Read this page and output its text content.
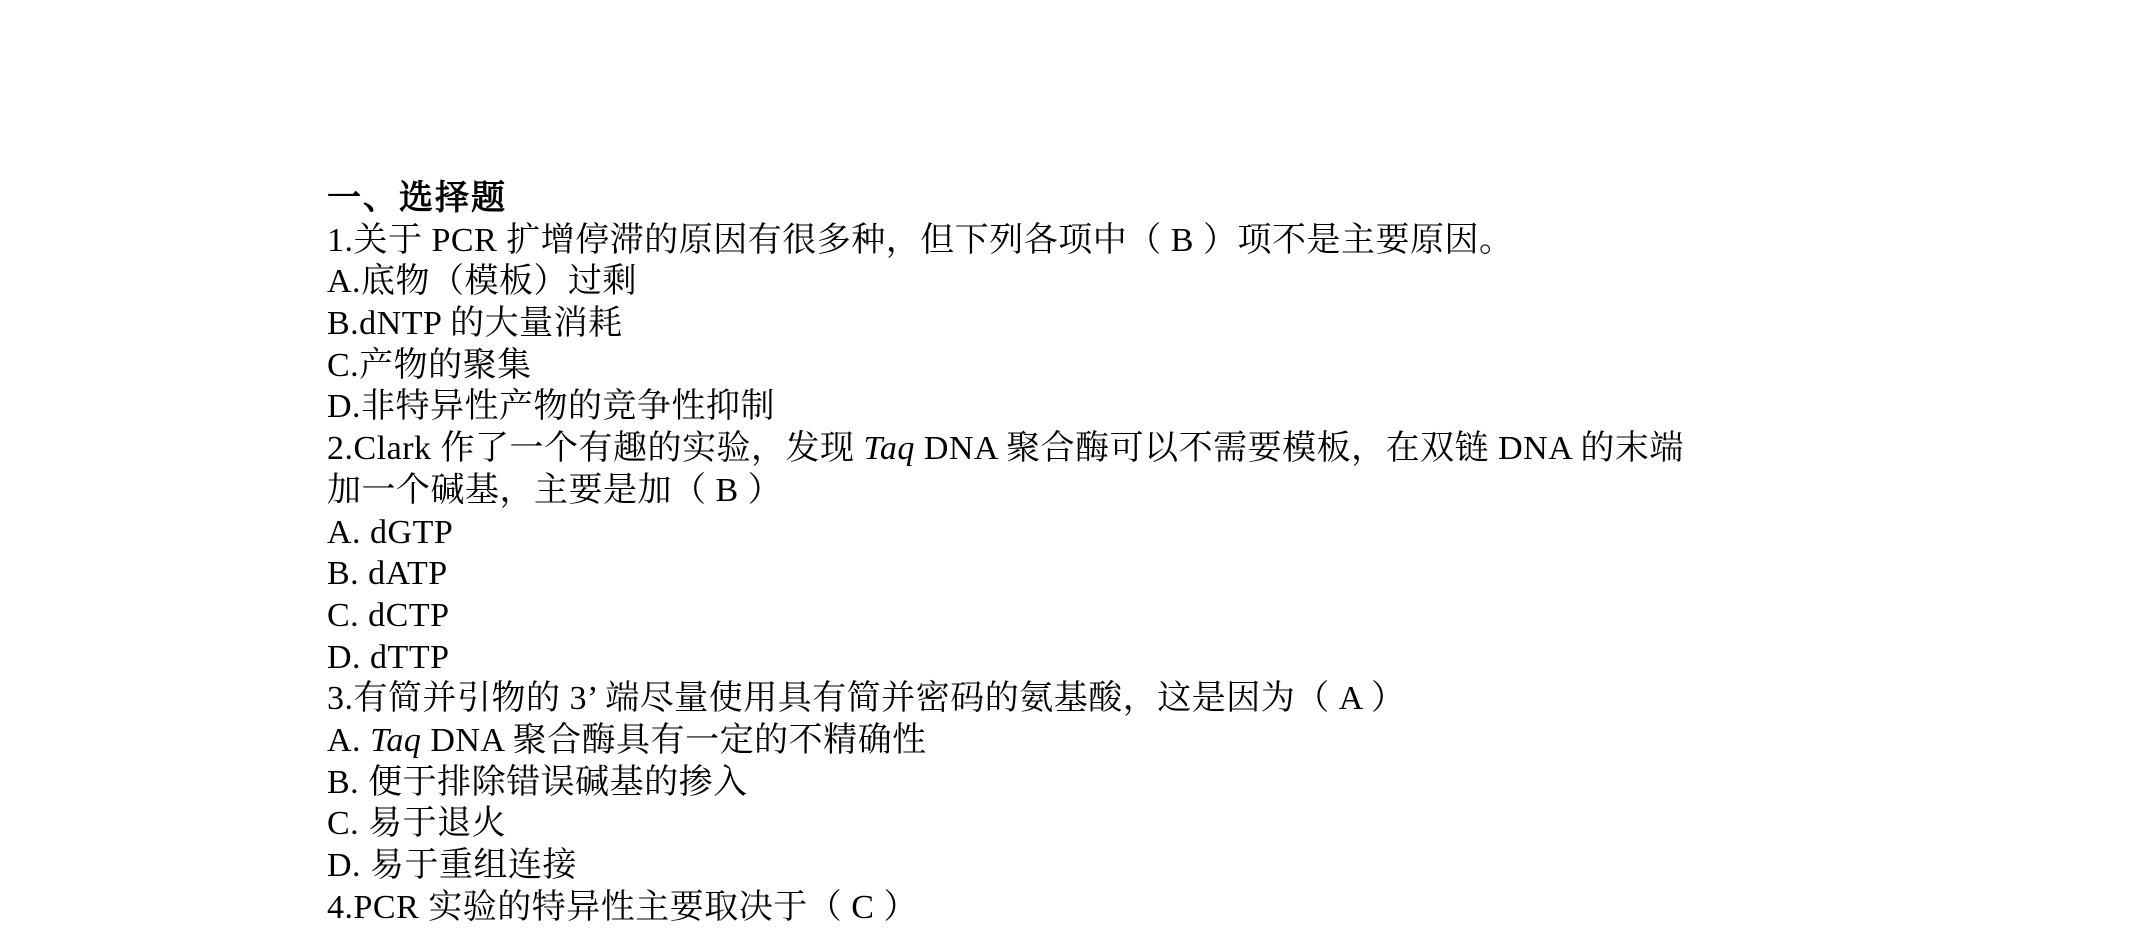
一、选择题
1.关于 PCR 扩增停滞的原因有很多种，但下列各项中（ B ）项不是主要原因。
A.底物（模板）过剩
B.dNTP 的大量消耗
C.产物的聚集
D.非特异性产物的竞争性抑制
2.Clark 作了一个有趣的实验，发现 Taq DNA 聚合酶可以不需要模板，在双链 DNA 的末端
加一个碱基，主要是加（ B ）
A. dGTP
B. dATP
C. dCTP
D. dTTP
3.有简并引物的 3’ 端尽量使用具有简并密码的氨基酸，这是因为（ A ）
A. Taq DNA 聚合酶具有一定的不精确性
B. 便于排除错误碱基的掺入
C. 易于退火
D. 易于重组连接
4.PCR 实验的特异性主要取决于（ C ）
